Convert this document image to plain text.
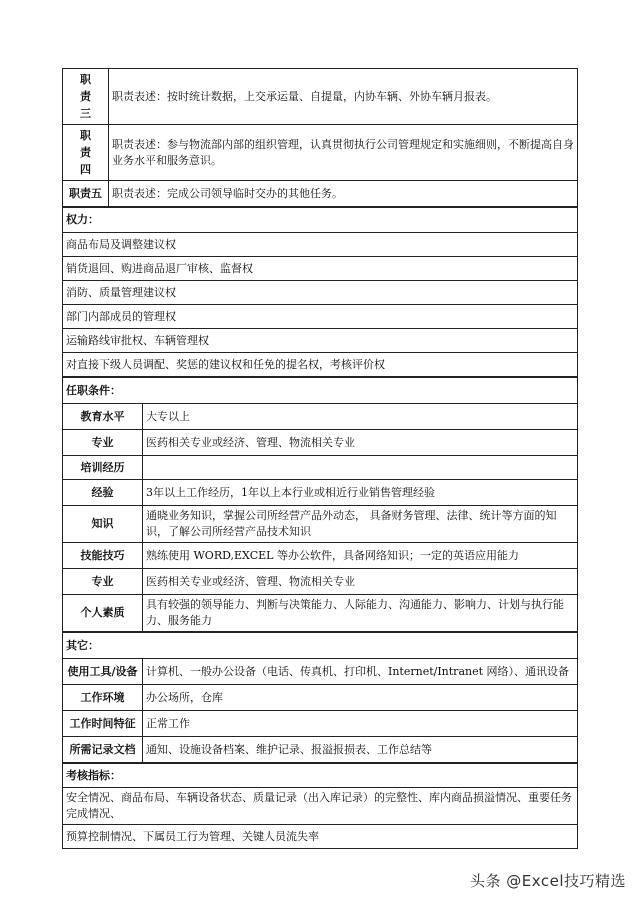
职
责
三	职责表述：按时统计数据，上交承运量、自提量，内协车辆、外协车辆月报表。
职
责
四	职责表述：参与物流部内部的组织管理，认真贯彻执行公司管理规定和实施细则，不断提高自身业务水平和服务意识。
职责五	职责表述：完成公司领导临时交办的其他任务。
权力：
商品布局及调整建议权
销货退回、购进商品退厂审核、监督权
消防、质量管理建议权
部门内部成员的管理权
运输路线审批权、车辆管理权
对直接下级人员调配、奖惩的建议权和任免的提名权，考核评价权
任职条件：	
教育水平	大专以上
专业	医药相关专业或经济、管理、物流相关专业
培训经历	
经验	3年以上工作经历，1年以上本行业或相近行业销售管理经验
知识	通晓业务知识，掌握公司所经营产品外动态， 具备财务管理、法律、统计等方面的知识，了解公司所经营产品技术知识
技能技巧	熟练使用 WORD,EXCEL 等办公软件，具备网络知识；一定的英语应用能力
专业	医药相关专业或经济、管理、物流相关专业
个人素质	具有较强的领导能力、判断与决策能力、人际能力、沟通能力、影响力、计划与执行能力、服务能力
其它：	
使用工具/设备	计算机、一般办公设备（电话、传真机、打印机、Internet/Intranet 网络）、通讯设备
工作环境	办公场所，仓库
工作时间特征	正常工作
所需记录文档	通知、设施设备档案、维护记录、报溢报损表、工作总结等
考核指标：
安全情况、商品布局、车辆设备状态、质量记录（出入库记录）的完整性、库内商品损溢情况、重要任务完成情况、
预算控制情况、下属员工行为管理、关键人员流失率
头条 @Excel技巧精选
